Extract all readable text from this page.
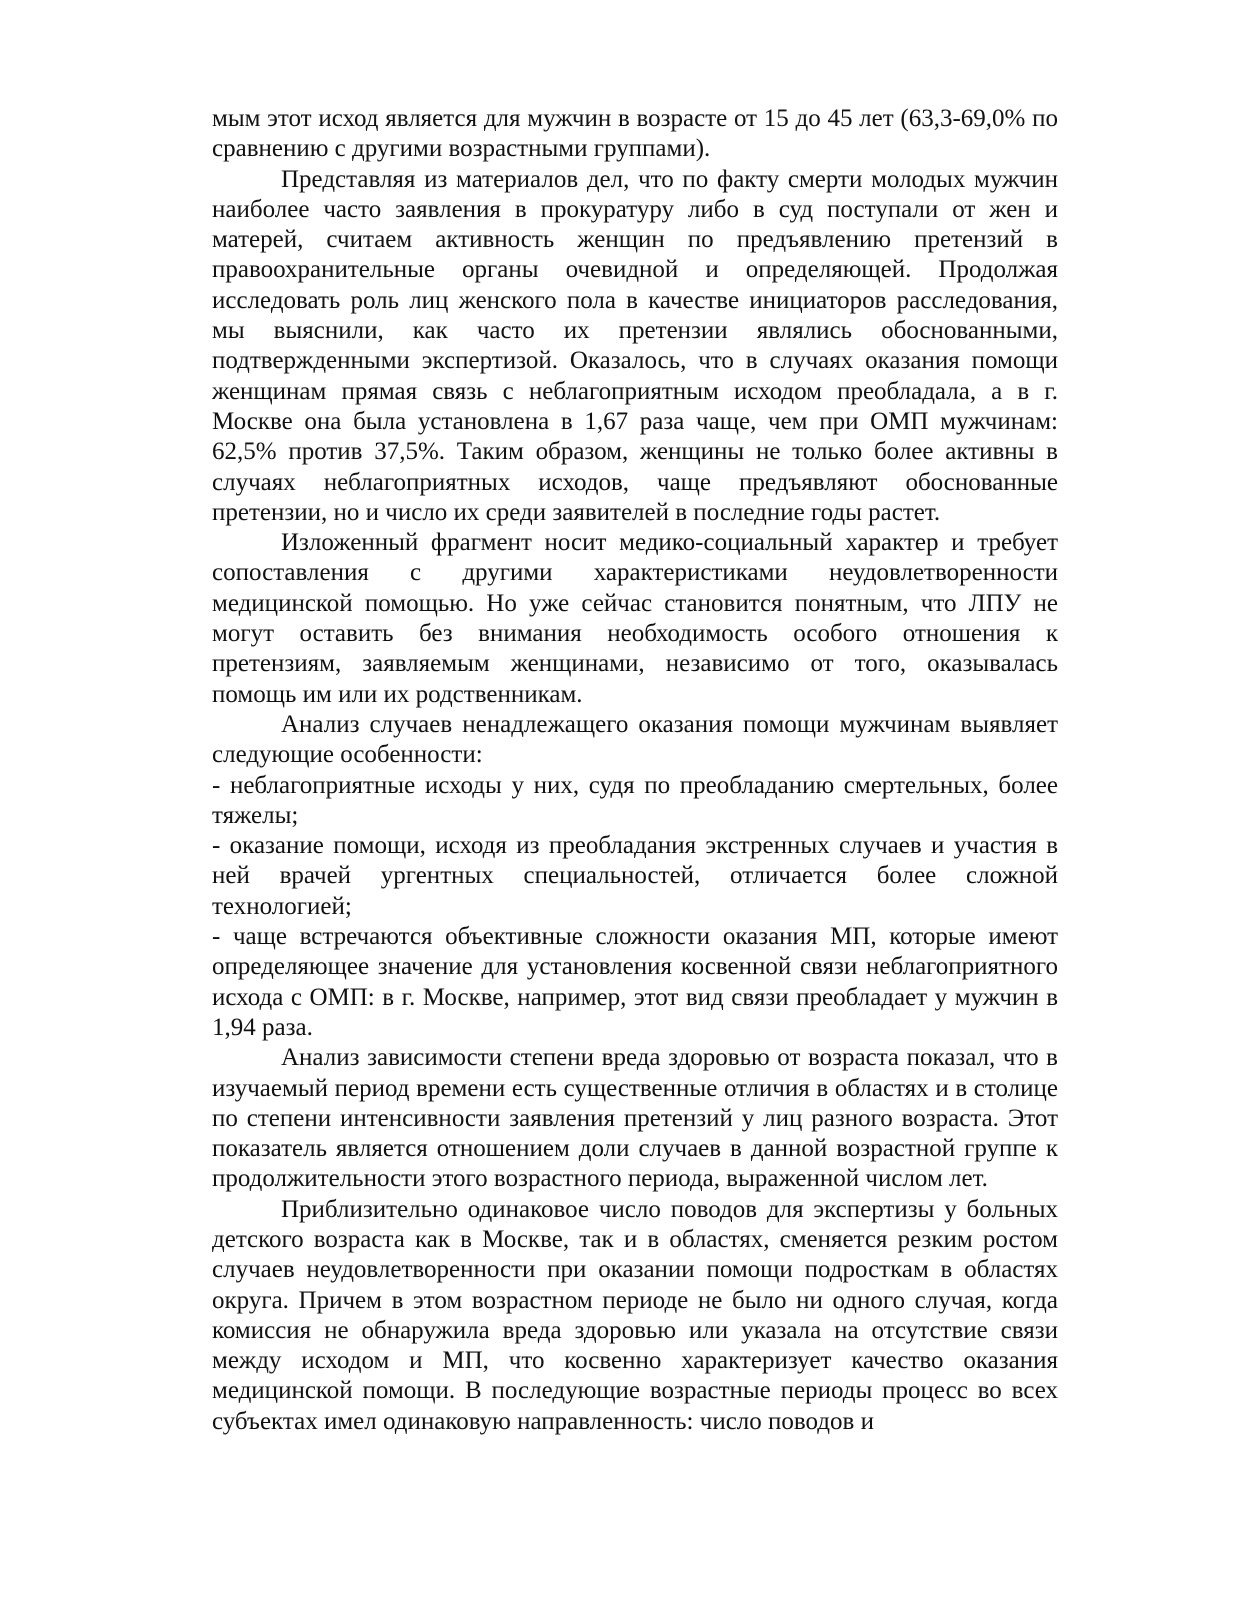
мым этот исход является для мужчин в возрасте от 15 до 45 лет (63,3-69,0% по сравнению с другими возрастными группами).

Представляя из материалов дел, что по факту смерти молодых мужчин наиболее часто заявления в прокуратуру либо в суд поступали от жен и матерей, считаем активность женщин по предъявлению претензий в правоохранительные органы очевидной и определяющей. Продолжая исследовать роль лиц женского пола в качестве инициаторов расследования, мы выяснили, как часто их претензии являлись обоснованными, подтвержденными экспертизой. Оказалось, что в случаях оказания помощи женщинам прямая связь с неблагоприятным исходом преобладала, а в г. Москве она была установлена в 1,67 раза чаще, чем при ОМП мужчинам: 62,5% против 37,5%. Таким образом, женщины не только более активны в случаях неблагоприятных исходов, чаще предъявляют обоснованные претензии, но и число их среди заявителей в последние годы растет.

Изложенный фрагмент носит медико-социальный характер и требует сопоставления с другими характеристиками неудовлетворенности медицинской помощью. Но уже сейчас становится понятным, что ЛПУ не могут оставить без внимания необходимость особого отношения к претензиям, заявляемым женщинами, независимо от того, оказывалась помощь им или их родственникам.

Анализ случаев ненадлежащего оказания помощи мужчинам выявляет следующие особенности:

- неблагоприятные исходы у них, судя по преобладанию смертельных, более тяжелы;

- оказание помощи, исходя из преобладания экстренных случаев и участия в ней врачей ургентных специальностей, отличается более сложной технологией;

- чаще встречаются объективные сложности оказания МП, которые имеют определяющее значение для установления косвенной связи неблагоприятного исхода с ОМП: в г. Москве, например, этот вид связи преобладает у мужчин в 1,94 раза.

Анализ зависимости степени вреда здоровью от возраста показал, что в изучаемый период времени есть существенные отличия в областях и в столице по степени интенсивности заявления претензий у лиц разного возраста. Этот показатель является отношением доли случаев в данной возрастной группе к продолжительности этого возрастного периода, выраженной числом лет.

Приблизительно одинаковое число поводов для экспертизы у больных детского возраста как в Москве, так и в областях, сменяется резким ростом случаев неудовлетворенности при оказании помощи подросткам в областях округа. Причем в этом возрастном периоде не было ни одного случая, когда комиссия не обнаружила вреда здоровью или указала на отсутствие связи между исходом и МП, что косвенно характеризует качество оказания медицинской помощи. В последующие возрастные периоды процесс во всех субъектах имел одинаковую направленность: число поводов и
